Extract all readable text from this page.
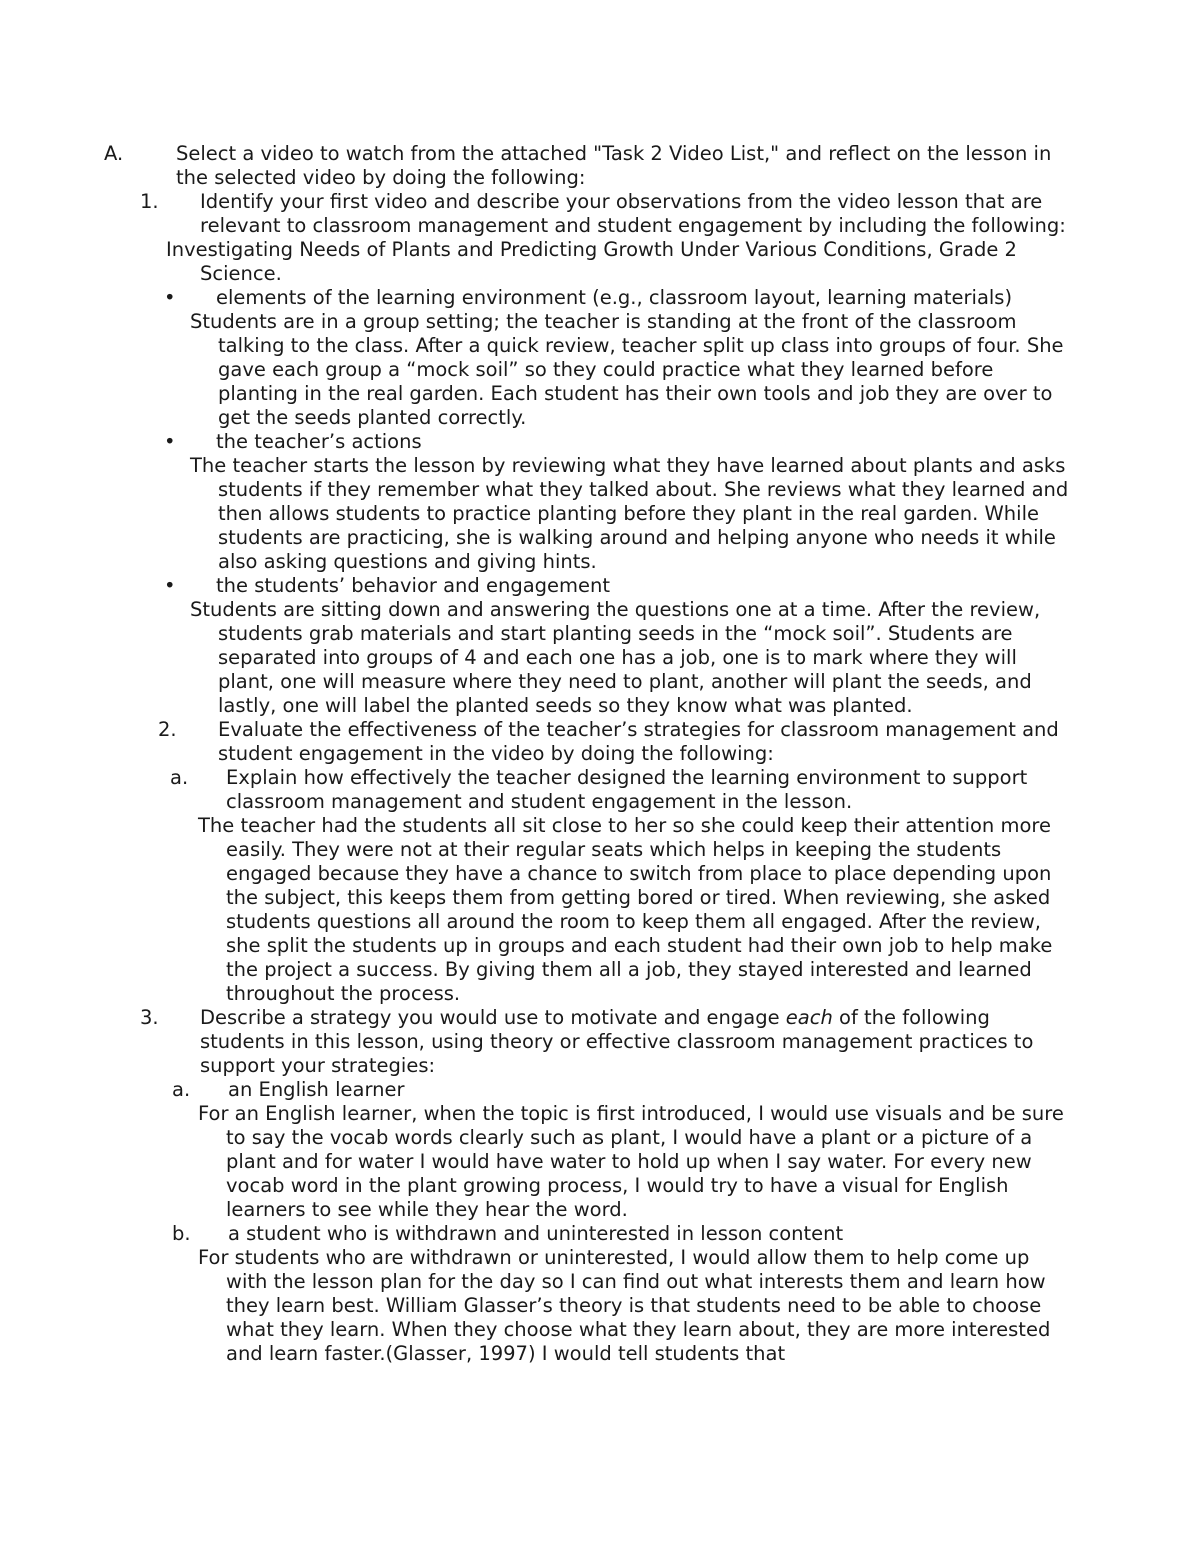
A.	Select a video to watch from the attached "Task 2 Video List," and reflect on the lesson in the selected video by doing the following:

1. Identify your first video and describe your observations from the video lesson that are relevant to classroom management and student engagement by including the following:

Investigating Needs of Plants and Predicting Growth Under Various Conditions, Grade 2 Science.

• elements of the learning environment (e.g., classroom layout, learning materials)

Students are in a group setting; the teacher is standing at the front of the classroom talking to the class. After a quick review, teacher split up class into groups of four. She gave each group a “mock soil” so they could practice what they learned before planting in the real garden. Each student has their own tools and job they are over to get the seeds planted correctly.

• the teacher’s actions

The teacher starts the lesson by reviewing what they have learned about plants and asks students if they remember what they talked about. She reviews what they learned and then allows students to practice planting before they plant in the real garden. While students are practicing, she is walking around and helping anyone who needs it while also asking questions and giving hints.

• the students’ behavior and engagement

Students are sitting down and answering the questions one at a time. After the review, students grab materials and start planting seeds in the “mock soil”. Students are separated into groups of 4 and each one has a job, one is to mark where they will plant, one will measure where they need to plant, another will plant the seeds, and lastly, one will label the planted seeds so they know what was planted.

2. Evaluate the effectiveness of the teacher’s strategies for classroom management and student engagement in the video by doing the following:

a. Explain how effectively the teacher designed the learning environment to support classroom management and student engagement in the lesson.

The teacher had the students all sit close to her so she could keep their attention more easily. They were not at their regular seats which helps in keeping the students engaged because they have a chance to switch from place to place depending upon the subject, this keeps them from getting bored or tired. When reviewing, she asked students questions all around the room to keep them all engaged. After the review, she split the students up in groups and each student had their own job to help make the project a success. By giving them all a job, they stayed interested and learned throughout the process.

3. Describe a strategy you would use to motivate and engage each of the following students in this lesson, using theory or effective classroom management practices to support your strategies:

a. an English learner

For an English learner, when the topic is first introduced, I would use visuals and be sure to say the vocab words clearly such as plant, I would have a plant or a picture of a plant and for water I would have water to hold up when I say water. For every new vocab word in the plant growing process, I would try to have a visual for English learners to see while they hear the word.

b. a student who is withdrawn and uninterested in lesson content

For students who are withdrawn or uninterested, I would allow them to help come up with the lesson plan for the day so I can find out what interests them and learn how they learn best. William Glasser’s theory is that students need to be able to choose what they learn. When they choose what they learn about, they are more interested and learn faster.(Glasser, 1997) I would tell students that
